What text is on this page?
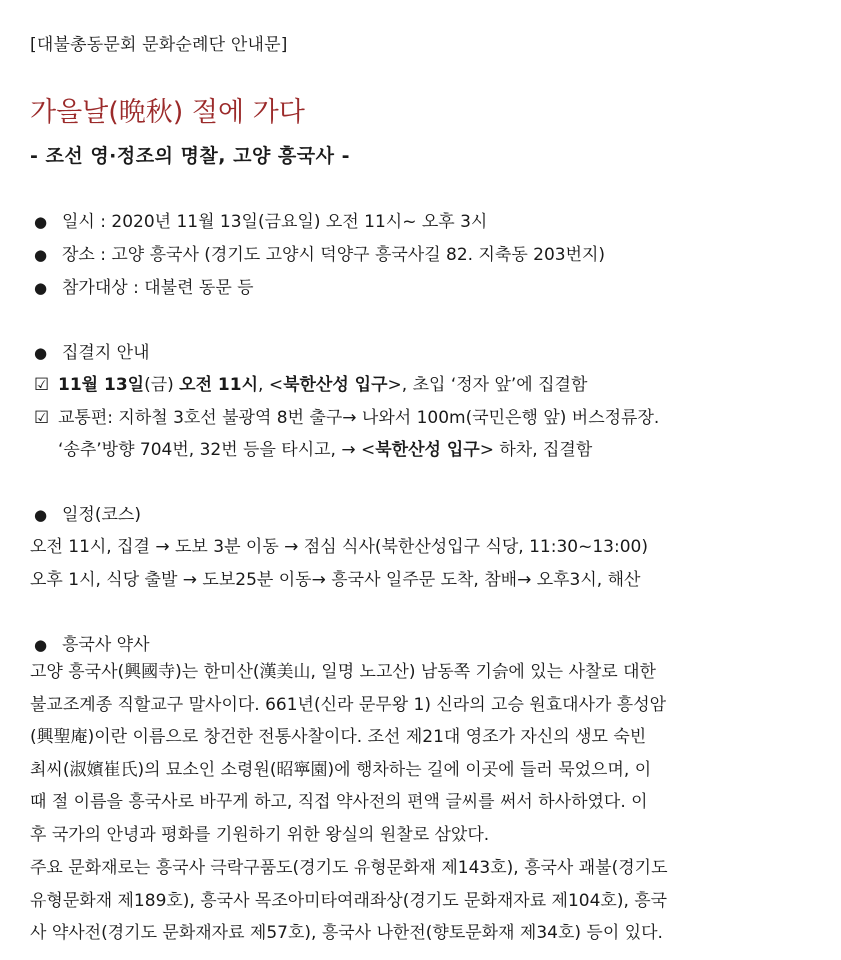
[대불총동문회 문화순례단 안내문]
가을날(晩秋) 절에 가다
- 조선 영·정조의 명찰, 고양 흥국사 -
● 일시 : 2020년 11월 13일(금요일) 오전 11시~ 오후 3시
● 장소 : 고양 흥국사 (경기도 고양시 덕양구 흥국사길 82. 지축동 203번지)
● 참가대상 : 대불련 동문 등
● 집결지 안내
☑ 11월 13일(금) 오전 11시, <북한산성 입구>, 초입 ‘정자 앞’에 집결함
☑ 교통편: 지하철 3호선 불광역 8번 출구→ 나와서 100m(국민은행 앞) 버스정류장.
‘송추’방향 704번, 32번 등을 타시고, → <북한산성 입구> 하차, 집결함
● 일정(코스)
오전 11시, 집결 → 도보 3분 이동 → 점심 식사(북한산성입구 식당, 11:30~13:00)
오후 1시, 식당 출발 → 도보25분 이동→ 흥국사 일주문 도착, 참배→ 오후3시, 해산
● 흥국사 약사
고양 흥국사(興國寺)는 한미산(漢美山, 일명 노고산) 남동쪽 기슭에 있는 사찰로 대한
불교조계종 직할교구 말사이다. 661년(신라 문무왕 1) 신라의 고승 원효대사가 흥성암
(興聖庵)이란 이름으로 창건한 전통사찰이다. 조선 제21대 영조가 자신의 생모 숙빈
최씨(淑嬪崔氏)의 묘소인 소령원(昭寧園)에 행차하는 길에 이곳에 들러 묵었으며, 이
때 절 이름을 흥국사로 바꾸게 하고, 직접 약사전의 편액 글씨를 써서 하사하였다. 이
후 국가의 안녕과 평화를 기원하기 위한 왕실의 원찰로 삼았다.
주요 문화재로는 흥국사 극락구품도(경기도 유형문화재 제143호), 흥국사 괘불(경기도
유형문화재 제189호), 흥국사 목조아미타여래좌상(경기도 문화재자료 제104호), 흥국
사 약사전(경기도 문화재자료 제57호), 흥국사 나한전(향토문화재 제34호) 등이 있다.
